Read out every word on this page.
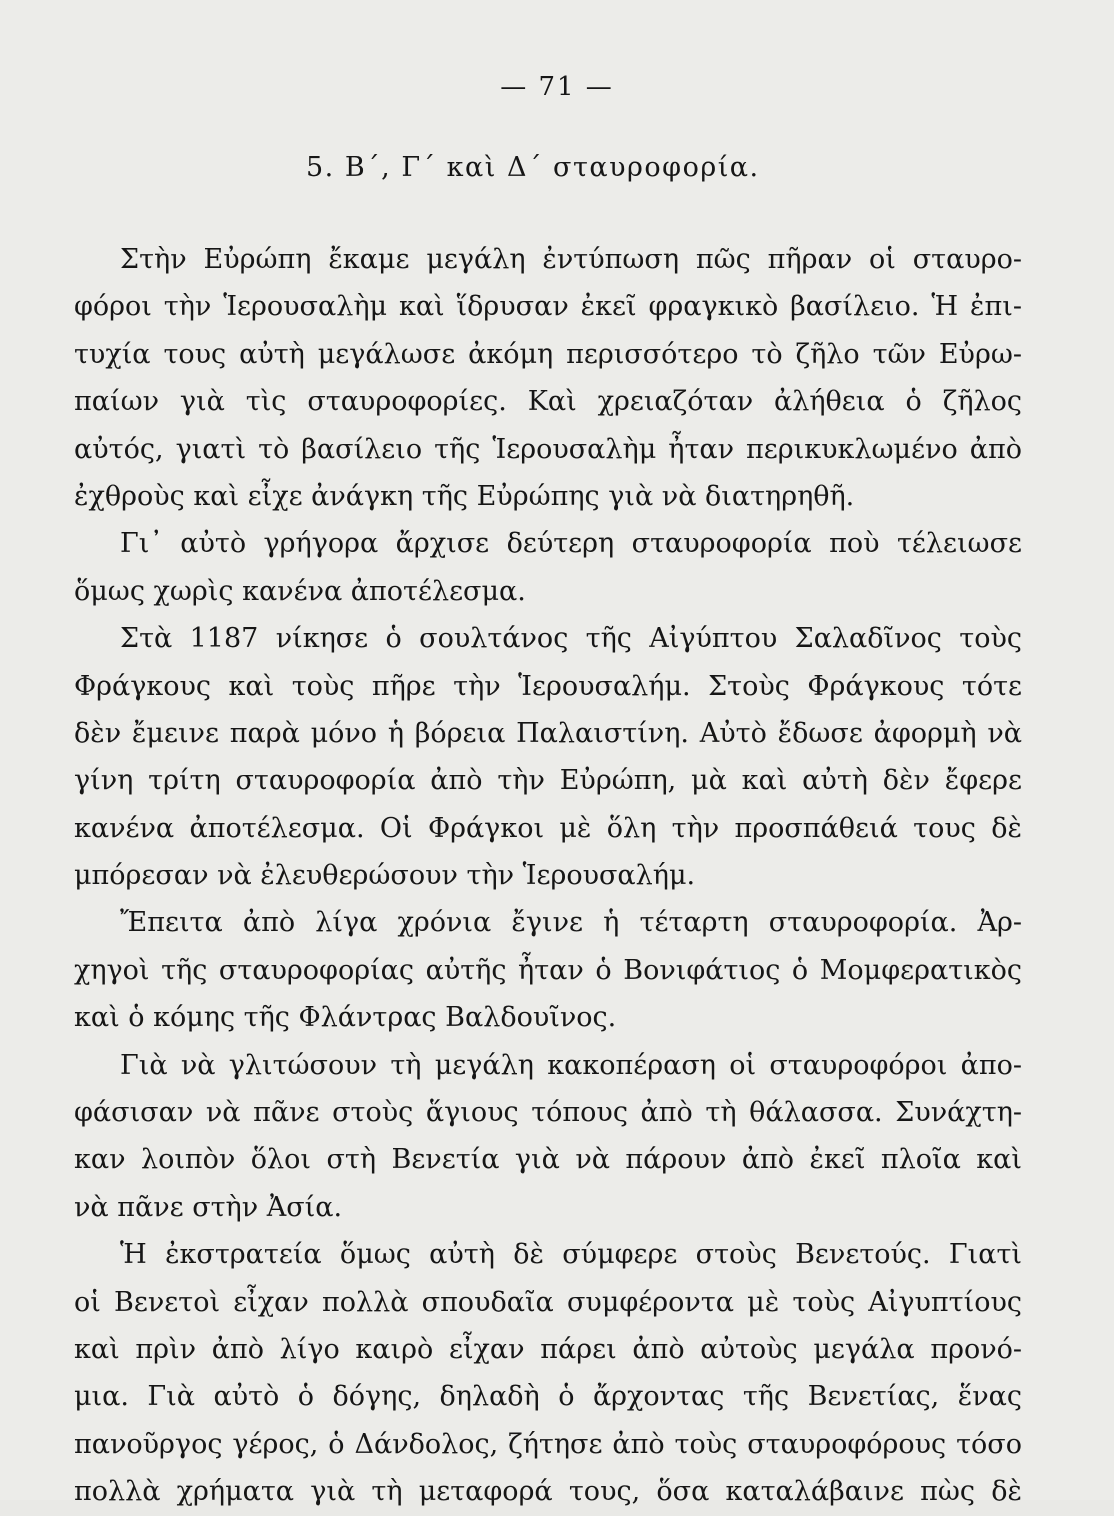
— 71 —
5. Β΄, Γ΄ καὶ Δ΄ σταυροφορία.
Στὴν Εὐρώπη ἔκαμε μεγάλη ἐντύπωση πῶς πῆραν οἱ σταυρο-
φόροι τὴν Ἱερουσαλὴμ καὶ ἵδρυσαν ἐκεῖ φραγκικὸ βασίλειο. Ἡ ἐπι-
τυχία τους αὐτὴ μεγάλωσε ἀκόμη περισσότερο τὸ ζῆλο τῶν Εὐρω-
παίων γιὰ τὶς σταυροφορίες. Καὶ χρειαζόταν ἀλήθεια ὁ ζῆλος
αὐτός, γιατὶ τὸ βασίλειο τῆς Ἱερουσαλὴμ ἦταν περικυκλωμένο ἀπὸ
ἐχθροὺς καὶ εἶχε ἀνάγκη τῆς Εὐρώπης γιὰ νὰ διατηρηθῆ.
Γι᾽ αὐτὸ γρήγορα ἄρχισε δεύτερη σταυροφορία ποὺ τέλειωσε
ὅμως χωρὶς κανένα ἀποτέλεσμα.
Στὰ 1187 νίκησε ὁ σουλτάνος τῆς Αἰγύπτου Σαλαδῖνος τοὺς
Φράγκους καὶ τοὺς πῆρε τὴν Ἱερουσαλήμ. Στοὺς Φράγκους τότε
δὲν ἔμεινε παρὰ μόνο ἡ βόρεια Παλαιστίνη. Αὐτὸ ἔδωσε ἀφορμὴ νὰ
γίνη τρίτη σταυροφορία ἀπὸ τὴν Εὐρώπη, μὰ καὶ αὐτὴ δὲν ἔφερε
κανένα ἀποτέλεσμα. Οἱ Φράγκοι μὲ ὅλη τὴν προσπάθειά τους δὲ
μπόρεσαν νὰ ἐλευθερώσουν τὴν Ἱερουσαλήμ.
Ἔπειτα ἀπὸ λίγα χρόνια ἔγινε ἡ τέταρτη σταυροφορία. Ἀρ-
χηγοὶ τῆς σταυροφορίας αὐτῆς ἦταν ὁ Βονιφάτιος ὁ Μομφερατικὸς
καὶ ὁ κόμης τῆς Φλάντρας Βαλδουῖνος.
Γιὰ νὰ γλιτώσουν τὴ μεγάλη κακοπέραση οἱ σταυροφόροι ἀπο-
φάσισαν νὰ πᾶνε στοὺς ἅγιους τόπους ἀπὸ τὴ θάλασσα. Συνάχτη-
καν λοιπὸν ὅλοι στὴ Βενετία γιὰ νὰ πάρουν ἀπὸ ἐκεῖ πλοῖα καὶ
νὰ πᾶνε στὴν Ἀσία.
Ἡ ἐκστρατεία ὅμως αὐτὴ δὲ σύμφερε στοὺς Βενετούς. Γιατὶ
οἱ Βενετοὶ εἶχαν πολλὰ σπουδαῖα συμφέροντα μὲ τοὺς Αἰγυπτίους
καὶ πρὶν ἀπὸ λίγο καιρὸ εἶχαν πάρει ἀπὸ αὐτοὺς μεγάλα προνό-
μια. Γιὰ αὐτὸ ὁ δόγης, δηλαδὴ ὁ ἄρχοντας τῆς Βενετίας, ἕνας
πανοῦργος γέρος, ὁ Δάνδολος, ζήτησε ἀπὸ τοὺς σταυροφόρους τόσο
πολλὰ χρήματα γιὰ τὴ μεταφορά τους, ὅσα καταλάβαινε πὼς δὲ
